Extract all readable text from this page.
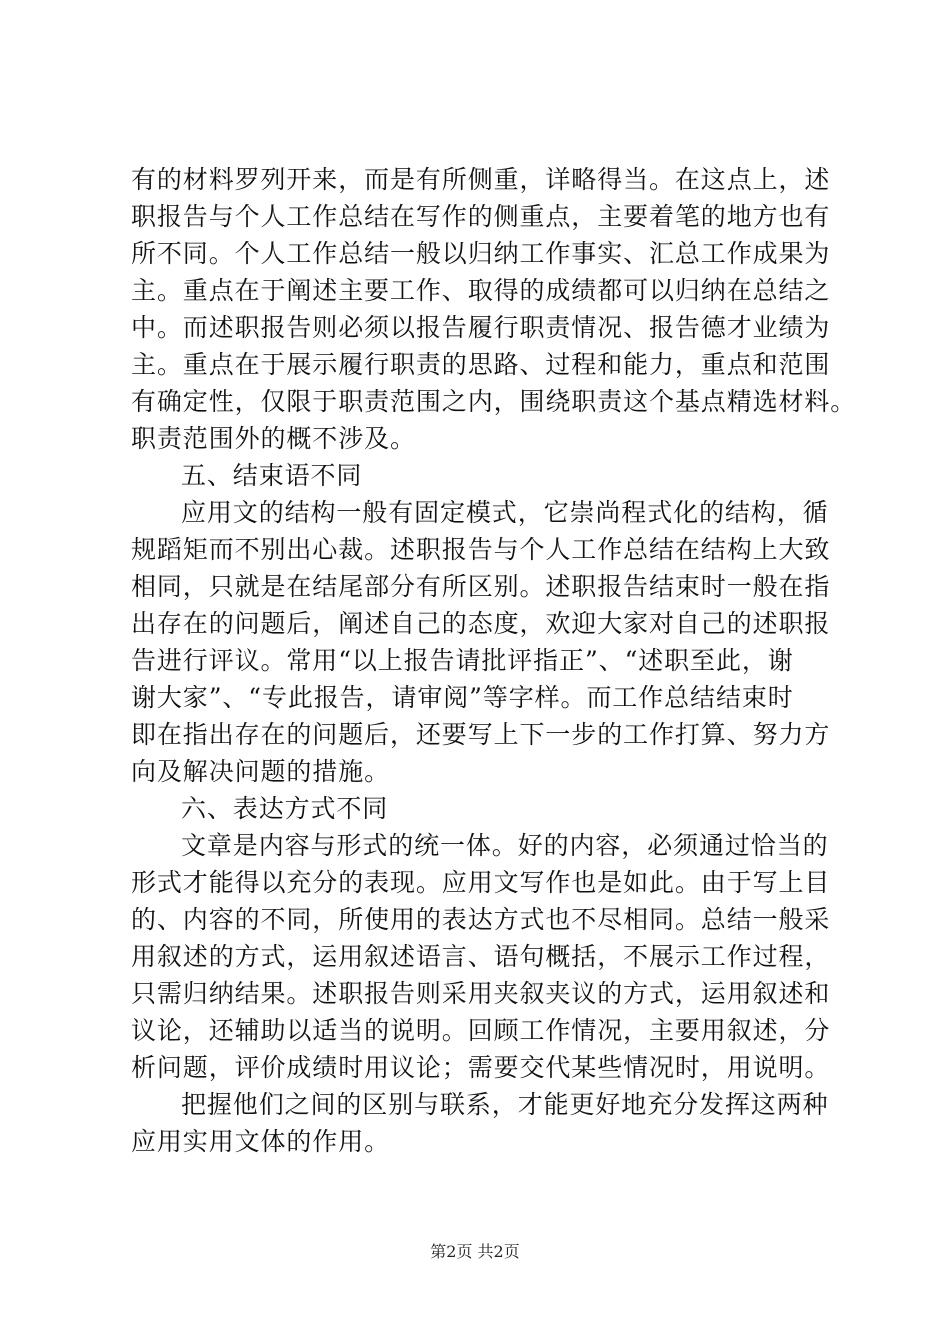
有的材料罗列开来，而是有所侧重，详略得当。在这点上，述
职报告与个人工作总结在写作的侧重点，主要着笔的地方也有
所不同。个人工作总结一般以归纳工作事实、汇总工作成果为
主。重点在于阐述主要工作、取得的成绩都可以归纳在总结之
中。而述职报告则必须以报告履行职责情况、报告德才业绩为
主。重点在于展示履行职责的思路、过程和能力，重点和范围
有确定性，仅限于职责范围之内，围绕职责这个基点精选材料。
职责范围外的概不涉及。
五、结束语不同
应用文的结构一般有固定模式，它崇尚程式化的结构，循
规蹈矩而不别出心裁。述职报告与个人工作总结在结构上大致
相同，只就是在结尾部分有所区别。述职报告结束时一般在指
出存在的问题后，阐述自己的态度，欢迎大家对自己的述职报
告进行评议。常用“以上报告请批评指正”、“述职至此，谢
谢大家”、“专此报告，请审阅”等字样。而工作总结结束时
即在指出存在的问题后，还要写上下一步的工作打算、努力方
向及解决问题的措施。
六、表达方式不同
文章是内容与形式的统一体。好的内容，必须通过恰当的
形式才能得以充分的表现。应用文写作也是如此。由于写上目
的、内容的不同，所使用的表达方式也不尽相同。总结一般采
用叙述的方式，运用叙述语言、语句概括，不展示工作过程，
只需归纳结果。述职报告则采用夹叙夹议的方式，运用叙述和
议论，还辅助以适当的说明。回顾工作情况，主要用叙述，分
析问题，评价成绩时用议论；需要交代某些情况时，用说明。
把握他们之间的区别与联系，才能更好地充分发挥这两种
应用实用文体的作用。
第2页 共2页
